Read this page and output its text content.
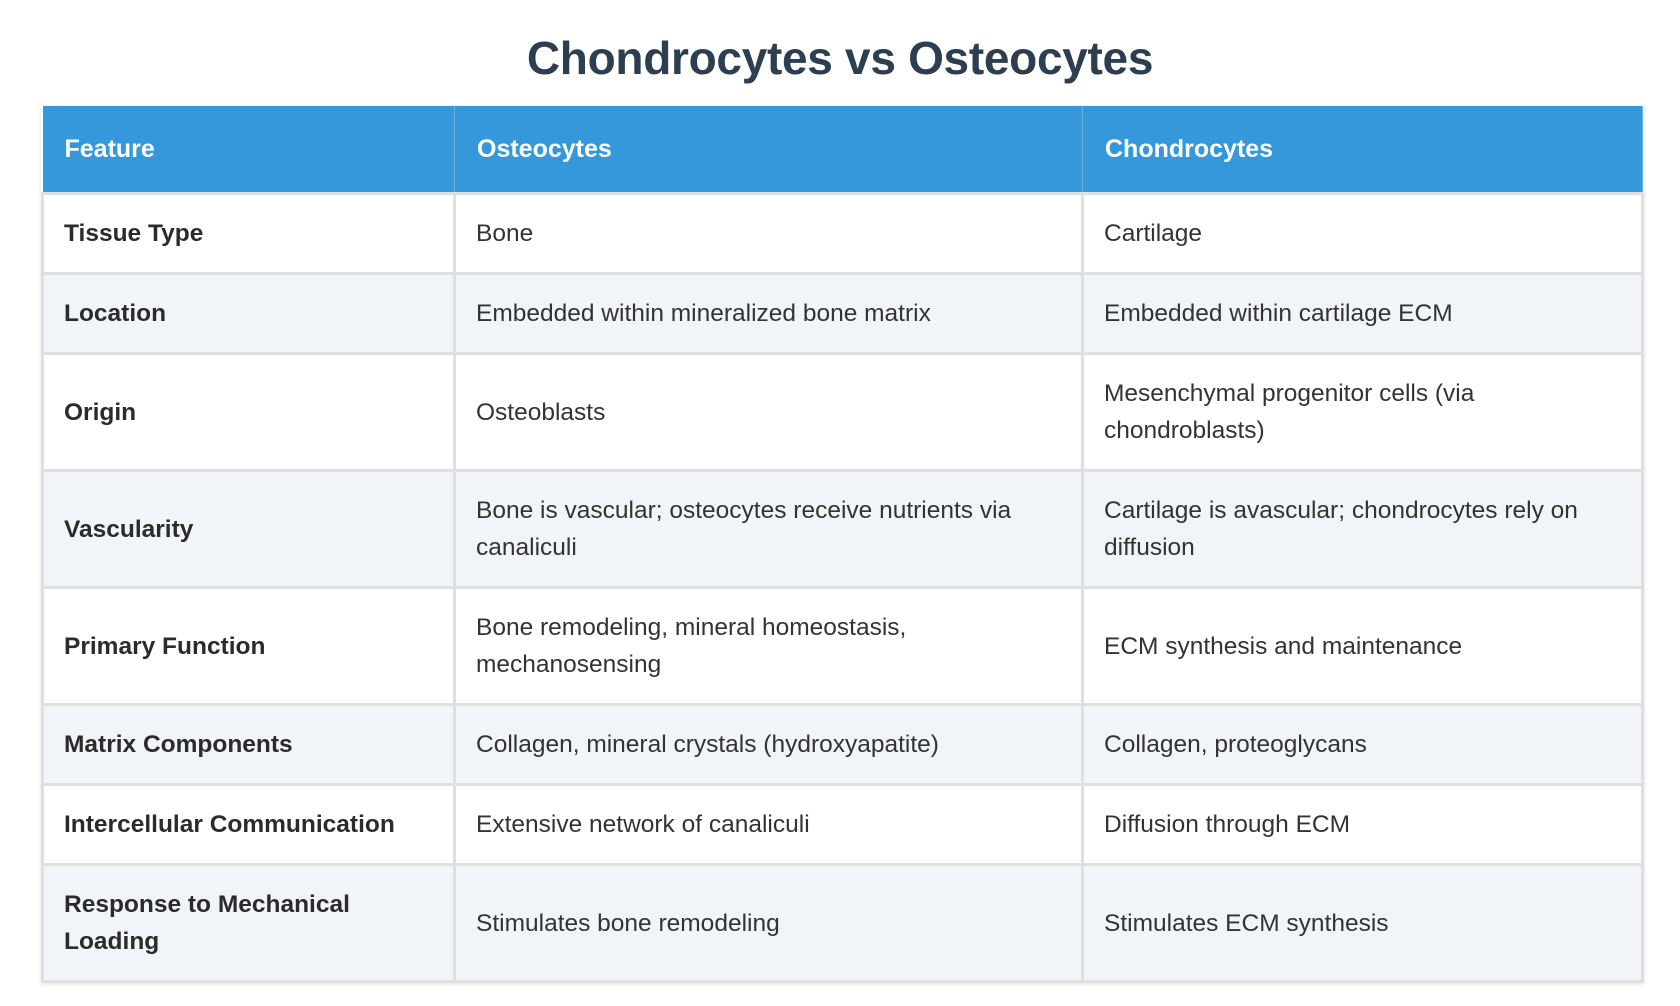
Chondrocytes vs Osteocytes
Feature	Osteocytes	Chondrocytes
Tissue Type	Bone	Cartilage
Location	Embedded within mineralized bone matrix	Embedded within cartilage ECM
Origin	Osteoblasts	Mesenchymal progenitor cells (via chondroblasts)
Vascularity	Bone is vascular; osteocytes receive nutrients via canaliculi	Cartilage is avascular; chondrocytes rely on diffusion
Primary Function	Bone remodeling, mineral homeostasis, mechanosensing	ECM synthesis and maintenance
Matrix Components	Collagen, mineral crystals (hydroxyapatite)	Collagen, proteoglycans
Intercellular Communication	Extensive network of canaliculi	Diffusion through ECM
Response to Mechanical Loading	Stimulates bone remodeling	Stimulates ECM synthesis
